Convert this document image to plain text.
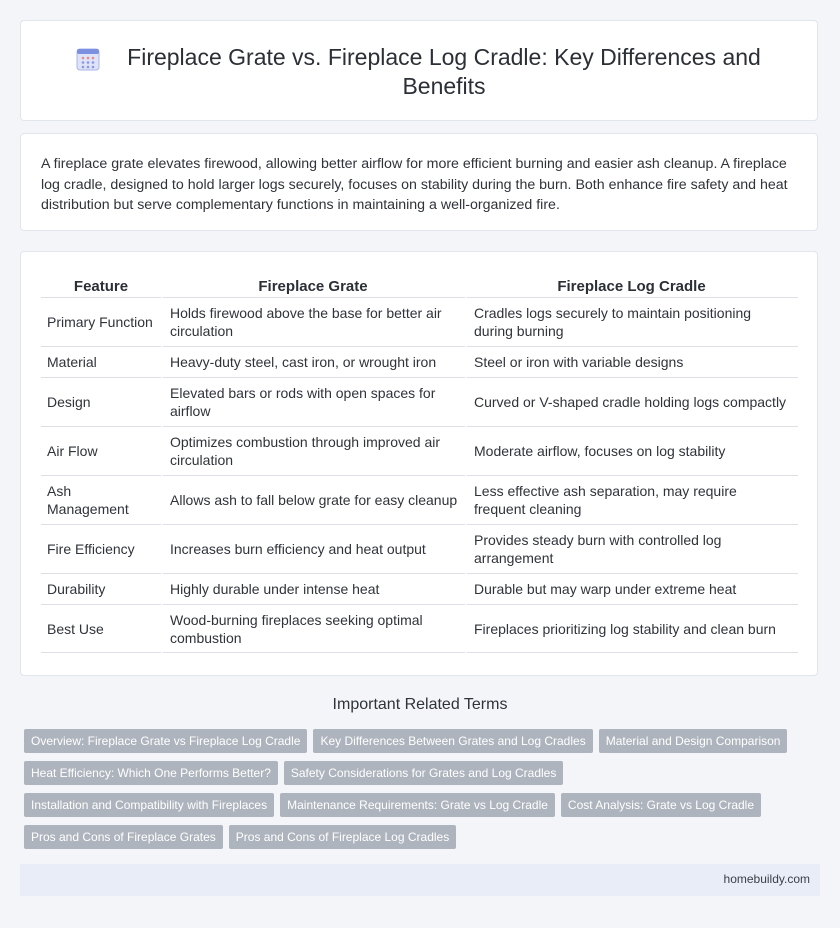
Fireplace Grate vs. Fireplace Log Cradle: Key Differences and Benefits

A fireplace grate elevates firewood, allowing better airflow for more efficient burning and easier ash cleanup. A fireplace log cradle, designed to hold larger logs securely, focuses on stability during the burn. Both enhance fire safety and heat distribution but serve complementary functions in maintaining a well-organized fire.

Feature	Fireplace Grate	Fireplace Log Cradle
Primary Function	Holds firewood above the base for better air circulation	Cradles logs securely to maintain positioning during burning
Material	Heavy-duty steel, cast iron, or wrought iron	Steel or iron with variable designs
Design	Elevated bars or rods with open spaces for airflow	Curved or V-shaped cradle holding logs compactly
Air Flow	Optimizes combustion through improved air circulation	Moderate airflow, focuses on log stability
Ash Management	Allows ash to fall below grate for easy cleanup	Less effective ash separation, may require frequent cleaning
Fire Efficiency	Increases burn efficiency and heat output	Provides steady burn with controlled log arrangement
Durability	Highly durable under intense heat	Durable but may warp under extreme heat
Best Use	Wood-burning fireplaces seeking optimal combustion	Fireplaces prioritizing log stability and clean burn
Important Related Terms
Overview: Fireplace Grate vs Fireplace Log Cradle Key Differences Between Grates and Log Cradles Material and Design Comparison
Heat Efficiency: Which One Performs Better? Safety Considerations for Grates and Log Cradles
Installation and Compatibility with Fireplaces Maintenance Requirements: Grate vs Log Cradle Cost Analysis: Grate vs Log Cradle
Pros and Cons of Fireplace Grates Pros and Cons of Fireplace Log Cradles
homebuildy.com
